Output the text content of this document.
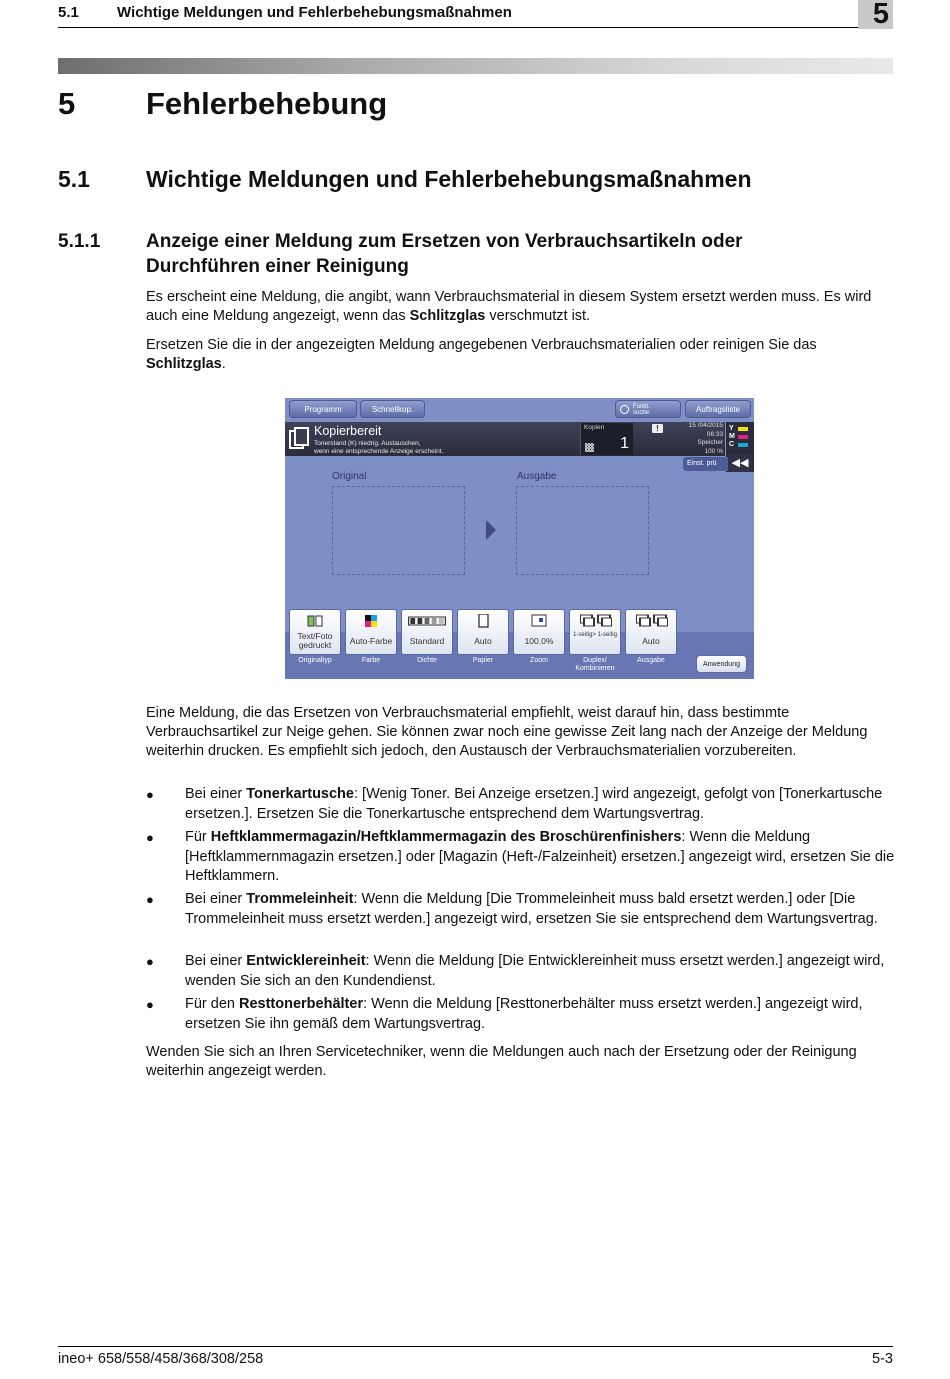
5.1	Wichtige Meldungen und Fehlerbehebungsmaßnahmen	5
5 Fehlerbehebung
5.1 Wichtige Meldungen und Fehlerbehebungsmaßnahmen
5.1.1 Anzeige einer Meldung zum Ersetzen von Verbrauchsartikeln oder Durchführen einer Reinigung

Es erscheint eine Meldung, die angibt, wann Verbrauchsmaterial in diesem System ersetzt werden muss. Es wird auch eine Meldung angezeigt, wenn das Schlitzglas verschmutzt ist.

Ersetzen Sie die in der angezeigten Meldung angegebenen Verbrauchsmaterialien oder reinigen Sie das Schlitzglas.

Programm	Schnellkop.	Funkt. suche	Auftragsliste
Kopierbereit
Tonerstand (K) niedrig. Austauschen,
wenn eine entsprechende Anzeige erscheint.
Kopien
1
!	15 /04/2015
06:33
Speicher
100 %
Y
M
C
Einst. prü	◀◀
Original	Ausgabe
Text/Foto gedruckt	Auto-Farbe	Standard	Auto	100.0%
1-seitig> 1-seitig
Auto
Originaltyp	Farbe	Dichte	Papier	Zoom	Duplex/ Kombinieren
Ausgabe
Anwendung

Eine Meldung, die das Ersetzen von Verbrauchsmaterial empfiehlt, weist darauf hin, dass bestimmte Verbrauchsartikel zur Neige gehen. Sie können zwar noch eine gewisse Zeit lang nach der Anzeige der Meldung weiterhin drucken. Es empfiehlt sich jedoch, den Austausch der Verbrauchsmaterialien vorzubereiten.

● Bei einer Tonerkartusche: [Wenig Toner. Bei Anzeige ersetzen.] wird angezeigt, gefolgt von [Tonerkartusche ersetzen.]. Ersetzen Sie die Tonerkartusche entsprechend dem Wartungsvertrag.
● Für Heftklammermagazin/Heftklammermagazin des Broschürenfinishers: Wenn die Meldung [Heftklammernmagazin ersetzen.] oder [Magazin (Heft-/Falzeinheit) ersetzen.] angezeigt wird, ersetzen Sie die Heftklammern.
● Bei einer Trommeleinheit: Wenn die Meldung [Die Trommeleinheit muss bald ersetzt werden.] oder [Die Trommeleinheit muss ersetzt werden.] angezeigt wird, ersetzen Sie sie entsprechend dem Wartungsvertrag.
● Bei einer Entwicklereinheit: Wenn die Meldung [Die Entwicklereinheit muss ersetzt werden.] angezeigt wird, wenden Sie sich an den Kundendienst.
● Für den Resttonerbehälter: Wenn die Meldung [Resttonerbehälter muss ersetzt werden.] angezeigt wird, ersetzen Sie ihn gemäß dem Wartungsvertrag.

Wenden Sie sich an Ihren Servicetechniker, wenn die Meldungen auch nach der Ersetzung oder der Reinigung weiterhin angezeigt werden.

ineo+ 658/558/458/368/308/258	5-3
